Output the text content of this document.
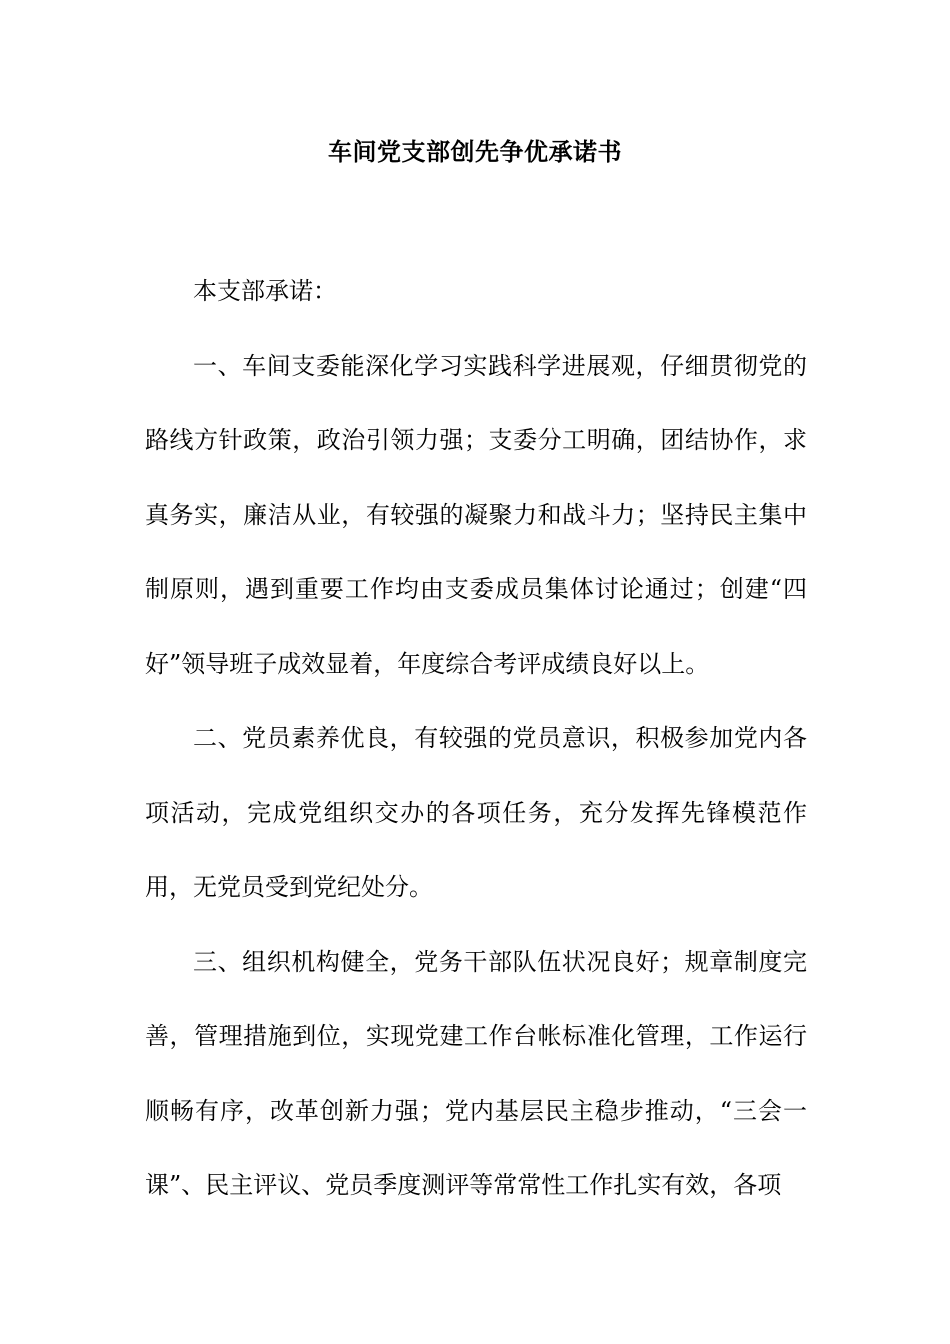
车间党支部创先争优承诺书

本支部承诺：

一、车间支委能深化学习实践科学进展观，仔细贯彻党的路线方针政策，政治引领力强；支委分工明确，团结协作，求真务实，廉洁从业，有较强的凝聚力和战斗力；坚持民主集中制原则，遇到重要工作均由支委成员集体讨论通过；创建“四好”领导班子成效显着，年度综合考评成绩良好以上。

二、党员素养优良，有较强的党员意识，积极参加党内各项活动，完成党组织交办的各项任务，充分发挥先锋模范作用，无党员受到党纪处分。

三、组织机构健全，党务干部队伍状况良好；规章制度完善，管理措施到位，实现党建工作台帐标准化管理，工作运行顺畅有序，改革创新力强；党内基层民主稳步推动，“三会一课”、民主评议、党员季度测评等常常性工作扎实有效，各项
